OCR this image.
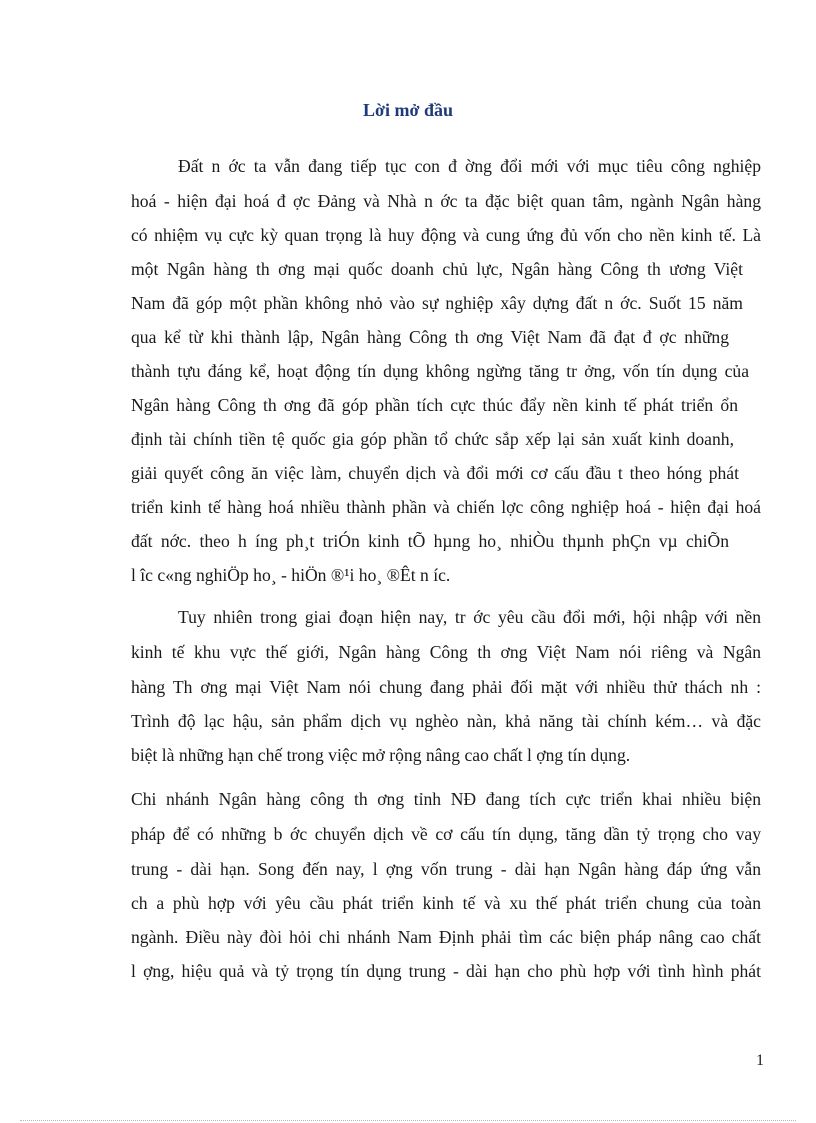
Lời mở đầu

Đất n ớc ta vẫn đang tiếp tục con đ ờng đổi mới với mục tiêu công nghiệp

hoá - hiện đại hoá đ ợc Đảng và Nhà n ớc ta đặc biệt quan tâm, ngành Ngân hàng

có nhiệm vụ cực kỳ quan trọng là huy động và cung ứng đủ vốn cho nền kinh tế. Là

một Ngân hàng th ơng mại quốc doanh chủ lực, Ngân hàng Công th ương Việt

Nam đã góp một phần không nhỏ vào sự nghiệp xây dựng đất n ớc. Suốt 15 năm

qua kể từ khi thành lập, Ngân hàng Công th ơng Việt Nam đã đạt đ ợc những

thành tựu đáng kể, hoạt động tín dụng không ngừng tăng tr ởng, vốn tín dụng của

Ngân hàng Công th ơng đã góp phần tích cực thúc đẩy nền kinh tế phát triển ổn

định tài chính tiền tệ quốc gia góp phần tổ chức sắp xếp lại sản xuất kinh doanh,

giải quyết công ăn việc làm, chuyển dịch và đổi mới cơ cấu đầu t theo hóng phát

triển kinh tế hàng hoá nhiều thành phần và chiến lợc công nghiệp hoá - hiện đại hoá

đất nớc. theo h íng ph¸t triÓn kinh tÕ hµng ho¸ nhiÒu thµnh phÇn vµ chiÕn

l îc c«ng nghiÖp ho¸ - hiÖn ®¹i ho¸ ®Êt n íc.

Tuy nhiên trong giai đoạn hiện nay, tr ớc yêu cầu đổi mới, hội nhập với nền

kinh tế khu vực thế giới, Ngân hàng Công th ơng Việt Nam nói riêng và Ngân

hàng Th ơng mại Việt Nam nói chung đang phải đối mặt với nhiều thử thách nh :

Trình độ lạc hậu, sản phẩm dịch vụ nghèo nàn, khả năng tài chính kém… và đặc

biệt là những hạn chế trong việc mở rộng nâng cao chất l ợng tín dụng.

Chi nhánh Ngân hàng công th ơng tỉnh NĐ đang tích cực triển khai nhiều biện

pháp để có những b ớc chuyển dịch về cơ cấu tín dụng, tăng dần tỷ trọng cho vay

trung - dài hạn. Song đến nay, l ợng vốn trung - dài hạn Ngân hàng đáp ứng vẫn

ch a phù hợp với yêu cầu phát triển kinh tế và xu thế phát triển chung của toàn

ngành. Điều này đòi hỏi chi nhánh Nam Định phải tìm các biện pháp nâng cao chất

l ợng, hiệu quả và tỷ trọng tín dụng trung - dài hạn cho phù hợp với tình hình phát

1
